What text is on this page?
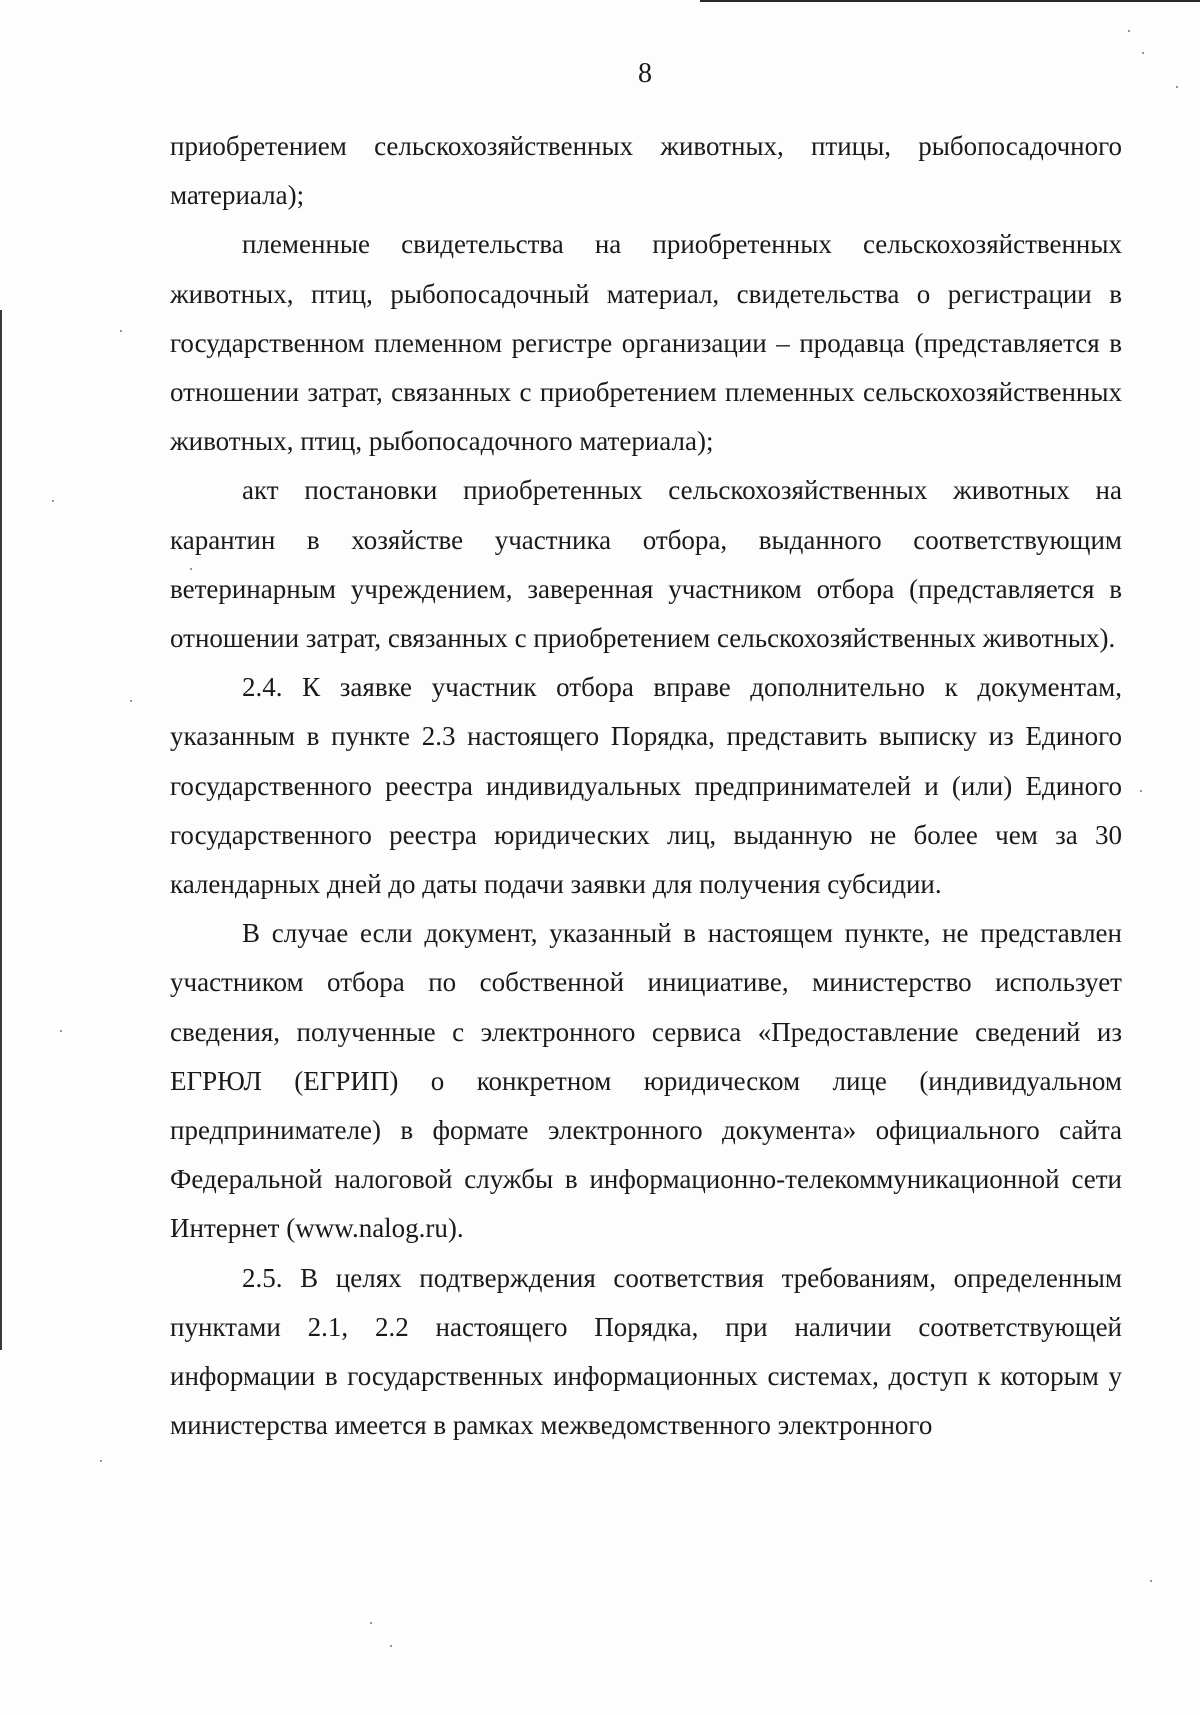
8

приобретением сельскохозяйственных животных, птицы, рыбопосадочного материала);

племенные свидетельства на приобретенных сельскохозяйственных животных, птиц, рыбопосадочный материал, свидетельства о регистрации в государственном племенном регистре организации – продавца (представляется в отношении затрат, связанных с приобретением племенных сельскохозяйственных животных, птиц, рыбопосадочного материала);

акт постановки приобретенных сельскохозяйственных животных на карантин в хозяйстве участника отбора, выданного соответствующим ветеринарным учреждением, заверенная участником отбора (представляется в отношении затрат, связанных с приобретением сельскохозяйственных животных).

2.4. К заявке участник отбора вправе дополнительно к документам, указанным в пункте 2.3 настоящего Порядка, представить выписку из Единого государственного реестра индивидуальных предпринимателей и (или) Единого государственного реестра юридических лиц, выданную не более чем за 30 календарных дней до даты подачи заявки для получения субсидии.

В случае если документ, указанный в настоящем пункте, не представлен участником отбора по собственной инициативе, министерство использует сведения, полученные с электронного сервиса «Предоставление сведений из ЕГРЮЛ (ЕГРИП) о конкретном юридическом лице (индивидуальном предпринимателе) в формате электронного документа» официального сайта Федеральной налоговой службы в информационно-телекоммуникационной сети Интернет (www.nalog.ru).

2.5. В целях подтверждения соответствия требованиям, определенным пунктами 2.1, 2.2 настоящего Порядка, при наличии соответствующей информации в государственных информационных системах, доступ к которым у министерства имеется в рамках межведомственного электронного
